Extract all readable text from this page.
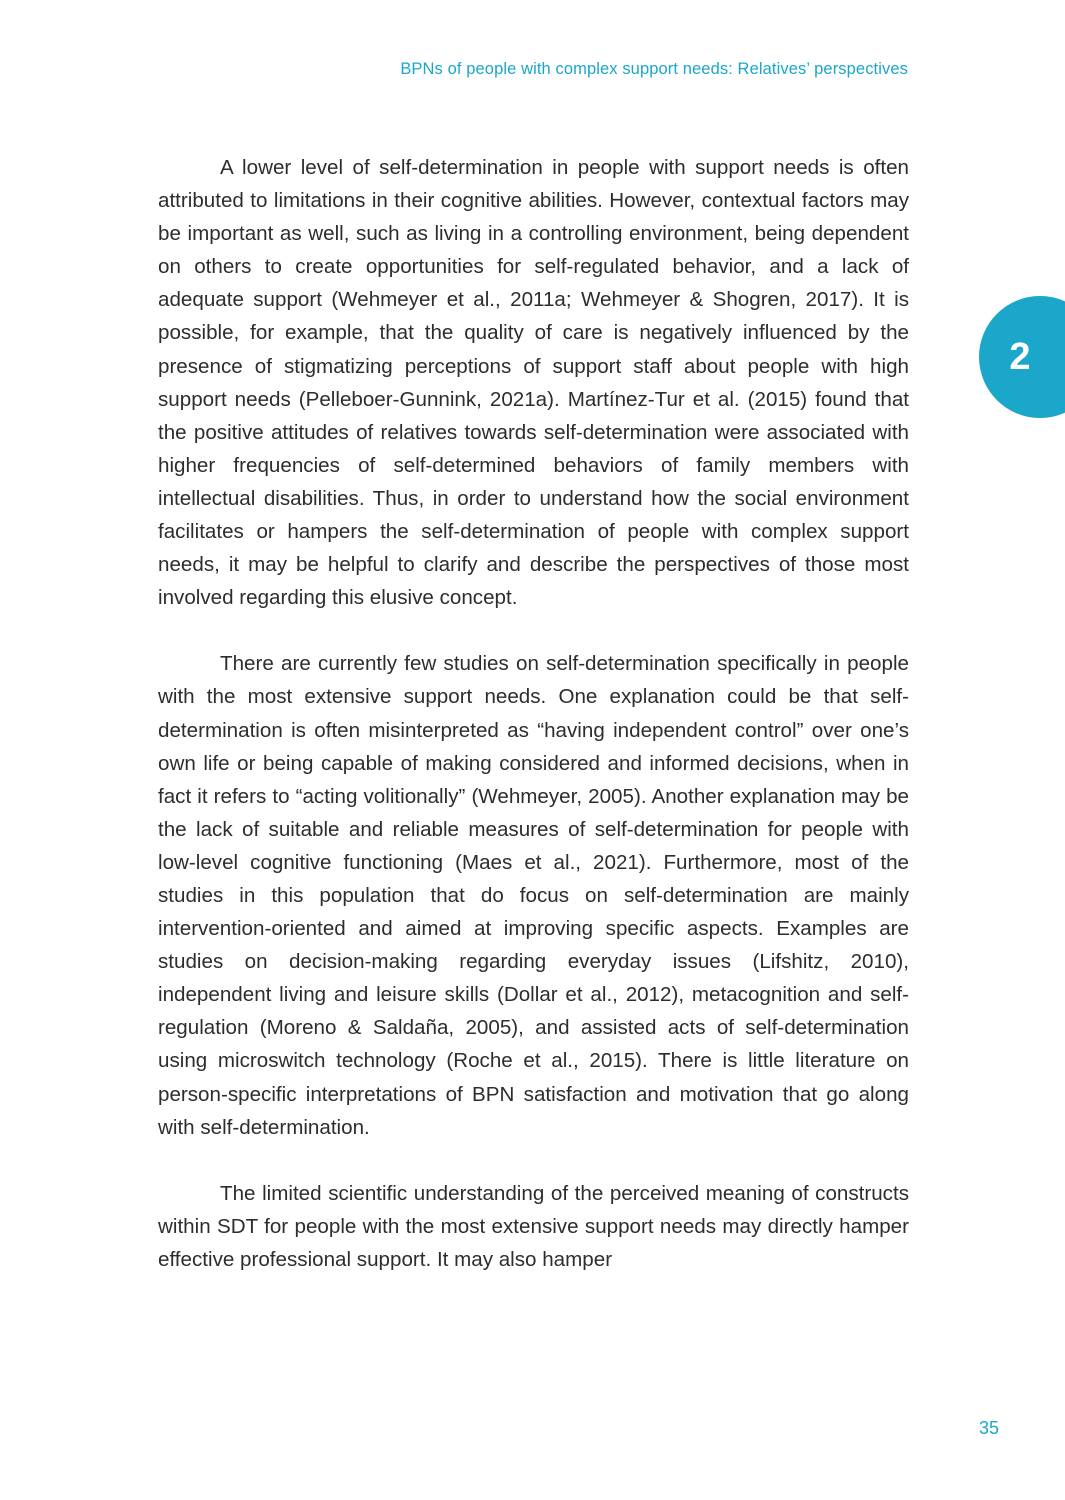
BPNs of people with complex support needs: Relatives’ perspectives
2

A lower level of self-determination in people with support needs is often attributed to limitations in their cognitive abilities. However, contextual factors may be important as well, such as living in a controlling environment, being dependent on others to create opportunities for self-regulated behavior, and a lack of adequate support (Wehmeyer et al., 2011a; Wehmeyer & Shogren, 2017). It is possible, for example, that the quality of care is negatively influenced by the presence of stigmatizing perceptions of support staff about people with high support needs (Pelleboer-Gunnink, 2021a). Martínez-Tur et al. (2015) found that the positive attitudes of relatives towards self-determination were associated with higher frequencies of self-determined behaviors of family members with intellectual disabilities. Thus, in order to understand how the social environment facilitates or hampers the self-determination of people with complex support needs, it may be helpful to clarify and describe the perspectives of those most involved regarding this elusive concept.

There are currently few studies on self-determination specifically in people with the most extensive support needs. One explanation could be that self-determination is often misinterpreted as “having independent control” over one’s own life or being capable of making considered and informed decisions, when in fact it refers to “acting volitionally” (Wehmeyer, 2005). Another explanation may be the lack of suitable and reliable measures of self-determination for people with low-level cognitive functioning (Maes et al., 2021). Furthermore, most of the studies in this population that do focus on self-determination are mainly intervention-oriented and aimed at improving specific aspects. Examples are studies on decision-making regarding everyday issues (Lifshitz, 2010), independent living and leisure skills (Dollar et al., 2012), metacognition and self-regulation (Moreno & Saldaña, 2005), and assisted acts of self-determination using microswitch technology (Roche et al., 2015). There is little literature on person-specific interpretations of BPN satisfaction and motivation that go along with self-determination.

The limited scientific understanding of the perceived meaning of constructs within SDT for people with the most extensive support needs may directly hamper effective professional support. It may also hamper

35
